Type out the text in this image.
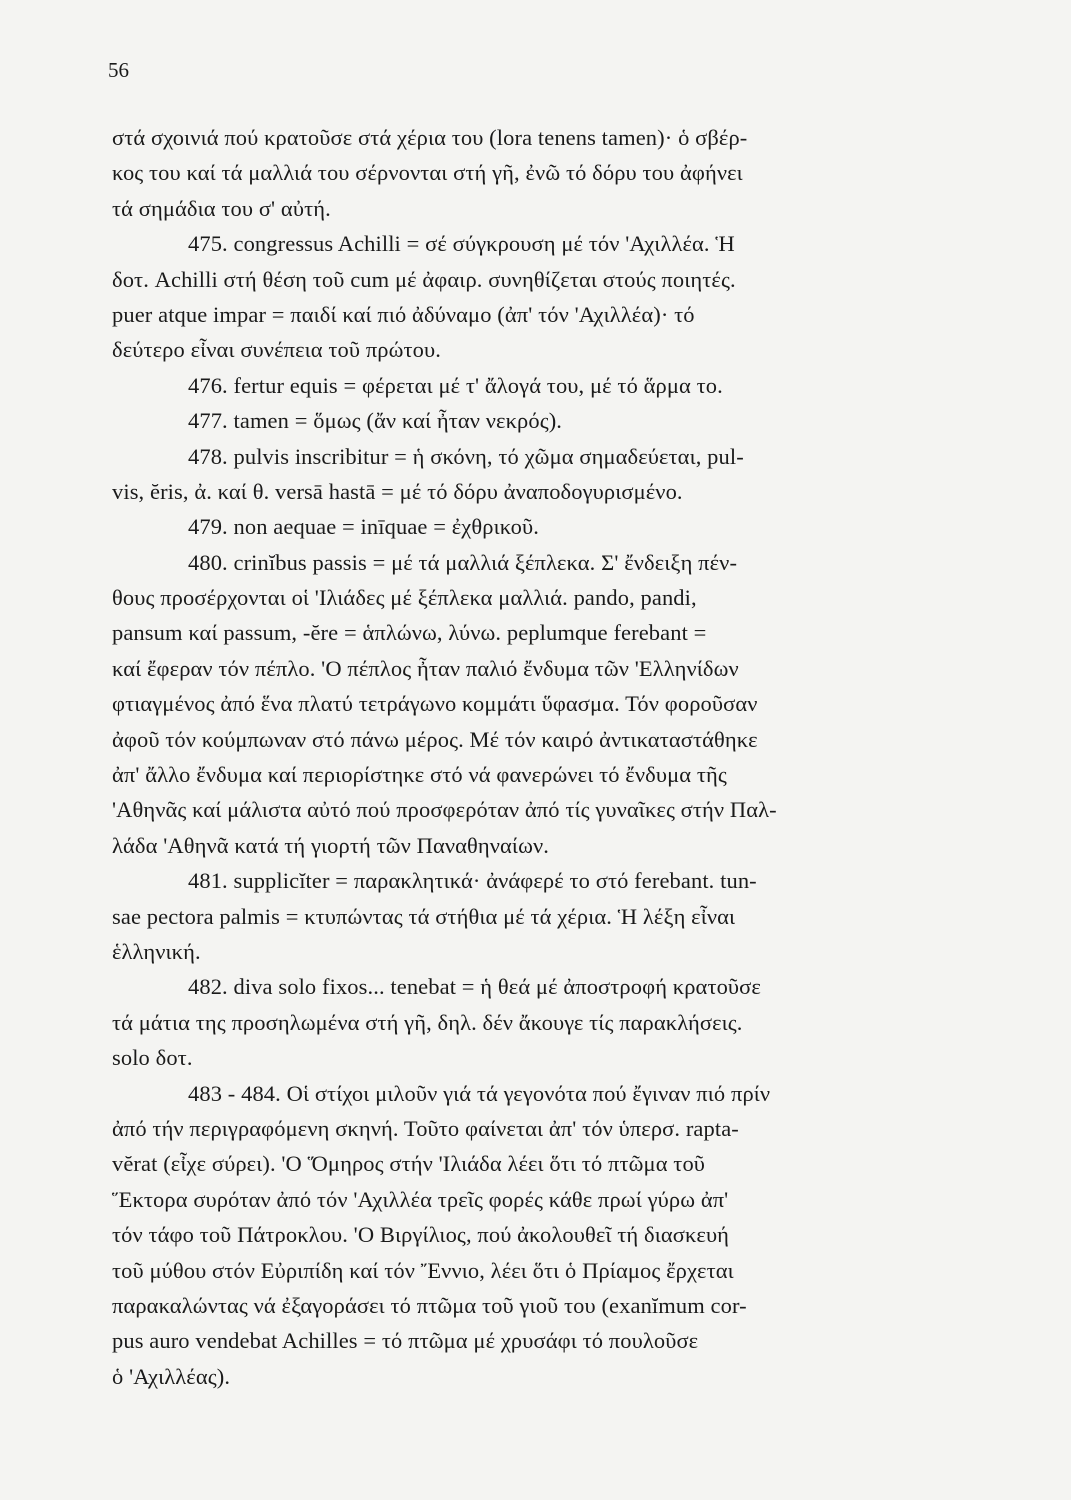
56
στά σχοινιά πού κρατοῦσε στά χέρια του (lora tenens tamen)· ὁ σβέρ-
κος του καί τά μαλλιά του σέρνονται στή γῆ, ἐνῶ τό δόρυ του ἀφήνει
τά σημάδια του σ' αὐτή.
475. congressus Achilli = σέ σύγκρουση μέ τόν 'Αχιλλέα. Ἡ
δοτ. Achilli στή θέση τοῦ cum μέ ἀφαιρ. συνηθίζεται στούς ποιητές.
puer atque impar = παιδί καί πιό ἀδύναμο (ἀπ' τόν 'Αχιλλέα)· τό
δεύτερο εἶναι συνέπεια τοῦ πρώτου.
476. fertur equis = φέρεται μέ τ' ἄλογά του, μέ τό ἅρμα το.
477. tamen = ὅμως (ἄν καί ἦταν νεκρός).
478. pulvis inscribitur = ἡ σκόνη, τό χῶμα σημαδεύεται, pul-
vis, ĕris, ἀ. καί θ. versā hastā = μέ τό δόρυ ἀναποδογυρισμένο.
479. non aequae = inīquae = ἐχθρικοῦ.
480. crinĭbus passis = μέ τά μαλλιά ξέπλεκα. Σ' ἔνδειξη πέν-
θους προσέρχονται οἱ 'Ιλιάδες μέ ξέπλεκα μαλλιά. pando, pandi,
pansum καί passum, -ĕre = ἁπλώνω, λύνω. peplumque ferebant =
καί ἔφεραν τόν πέπλο. 'Ο πέπλος ἦταν παλιό ἔνδυμα τῶν 'Ελληνίδων
φτιαγμένος ἀπό ἕνα πλατύ τετράγωνο κομμάτι ὕφασμα. Τόν φοροῦσαν
ἀφοῦ τόν κούμπωναν στό πάνω μέρος. Μέ τόν καιρό ἀντικαταστάθηκε
ἀπ' ἄλλο ἔνδυμα καί περιορίστηκε στό νά φανερώνει τό ἔνδυμα τῆς
'Αθηνᾶς καί μάλιστα αὐτό πού προσφερόταν ἀπό τίς γυναῖκες στήν Παλ-
λάδα 'Αθηνᾶ κατά τή γιορτή τῶν Παναθηναίων.
481. supplicĭter = παρακλητικά· ἀνάφερέ το στό ferebant. tun-
sae pectora palmis = κτυπώντας τά στήθια μέ τά χέρια. Ἡ λέξη εἶναι
ἑλληνική.
482. diva solo fixos... tenebat = ἡ θεά μέ ἀποστροφή κρατοῦσε
τά μάτια της προσηλωμένα στή γῆ, δηλ. δέν ἄκουγε τίς παρακλήσεις.
solo δοτ.
483 - 484. Οἱ στίχοι μιλοῦν γιά τά γεγονότα πού ἔγιναν πιό πρίν
ἀπό τήν περιγραφόμενη σκηνή. Τοῦτο φαίνεται ἀπ' τόν ὑπερσ. rapta-
vĕrat (εἶχε σύρει). 'Ο Ὅμηρος στήν 'Ιλιάδα λέει ὅτι τό πτῶμα τοῦ
Ἕκτορα συρόταν ἀπό τόν 'Αχιλλέα τρεῖς φορές κάθε πρωί γύρω ἀπ'
τόν τάφο τοῦ Πάτροκλου. 'Ο Βιργίλιος, πού ἀκολουθεῖ τή διασκευή
τοῦ μύθου στόν Εὐριπίδη καί τόν Ἔννιο, λέει ὅτι ὁ Πρίαμος ἔρχεται
παρακαλώντας νά ἐξαγοράσει τό πτῶμα τοῦ γιοῦ του (exanĭmum cor-
pus auro vendebat Achilles = τό πτῶμα μέ χρυσάφι τό πουλοῦσε
ὁ 'Αχιλλέας).
